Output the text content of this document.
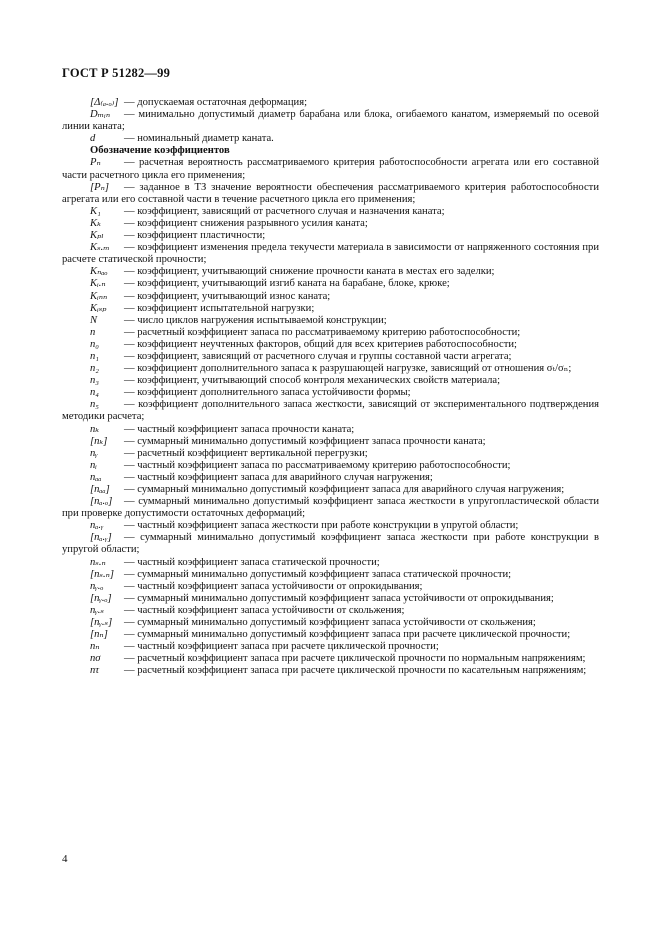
ГОСТ Р 51282—99
[Δ₍ₐ.ₒ₎] — допускаемая остаточная деформация;
Dₘᵢₙ — минимально допустимый диаметр барабана или блока, огибаемого канатом, измеряемый по осевой линии каната;
d	— номинальный диаметр каната.
Обозначение коэффициентов
Pₙ — расчетная вероятность рассматриваемого критерия работоспособности агрегата или его составной части расчетного цикла его применения;
[Pₙ] — заданное в ТЗ значение вероятности обеспечения рассматриваемого критерия работоспособности агрегата или его составной части в течение расчетного цикла его применения;
K₁ — коэффициент, зависящий от расчетного случая и назначения каната;
Kₖ — коэффициент снижения разрывного усилия каната;
Kₚₗ — коэффициент пластичности;
Kₛ.ₘ — коэффициент изменения предела текучести материала в зависимости от напряженного состояния при расчете статической прочности;
Kₙₐₒ — коэффициент, учитывающий снижение прочности каната в местах его заделки;
Kᵢ.ₙ — коэффициент, учитывающий изгиб каната на барабане, блоке, крюке;
Kᵢₙₙ — коэффициент, учитывающий износ каната;
Kᵢₛₚ — коэффициент испытательной нагрузки;
N	— число циклов нагружения испытываемой конструкции;
n	— расчетный коэффициент запаса по рассматриваемому критерию работоспособности;
n₀ — коэффициент неучтенных факторов, общий для всех критериев работоспособности;
n₁ — коэффициент, зависящий от расчетного случая и группы составной части агрегата;
n₂ — коэффициент дополнительного запаса к разрушающей нагрузке, зависящий от отношения σₜ/σₙ;
n₃ — коэффициент, учитывающий способ контроля механических свойств материала;
n₄ — коэффициент дополнительного запаса устойчивости формы;
n₅ — коэффициент дополнительного запаса жесткости, зависящий от экспериментального подтверждения методики расчета;
nₖ — частный коэффициент запаса прочности каната;
[nₖ] — суммарный минимально допустимый коэффициент запаса прочности каната;
nᵧ — расчетный коэффициент вертикальной перегрузки;
nᵢ	— частный коэффициент запаса по рассматриваемому критерию работоспособности;
nₐₐ — частный коэффициент запаса для аварийного случая нагружения;
[nₐₐ] — суммарный минимально допустимый коэффициент запаса для аварийного случая нагружения;
[nₐ.ₒ] — суммарный минимально допустимый коэффициент запаса жесткости в упругопластической области при проверке допустимости остаточных деформаций;
nₐ.ᵧ — частный коэффициент запаса жесткости при работе конструкции в упругой области;
[nₐ.ᵧ] — суммарный минимально допустимый коэффициент запаса жесткости при работе конструкции в упругой области;
nₛ.ₙ — частный коэффициент запаса статической прочности;
[nₛ.ₙ] — суммарный минимально допустимый коэффициент запаса статической прочности;
nᵧ.ₒ — частный коэффициент запаса устойчивости от опрокидывания;
[nᵧ.ₒ] — суммарный минимально допустимый коэффициент запаса устойчивости от опрокидывания;
nᵧ.ₛ — частный коэффициент запаса устойчивости от скольжения;
[nᵧ.ₛ] — суммарный минимально допустимый коэффициент запаса устойчивости от скольжения;
[nₙ] — суммарный минимально допустимый коэффициент запаса при расчете циклической прочности;
nₙ — частный коэффициент запаса при расчете циклической прочности;
nσ — расчетный коэффициент запаса при расчете циклической прочности по нормальным напряжениям;
nτ — расчетный коэффициент запаса при расчете циклической прочности по касательным напряжениям;
4
